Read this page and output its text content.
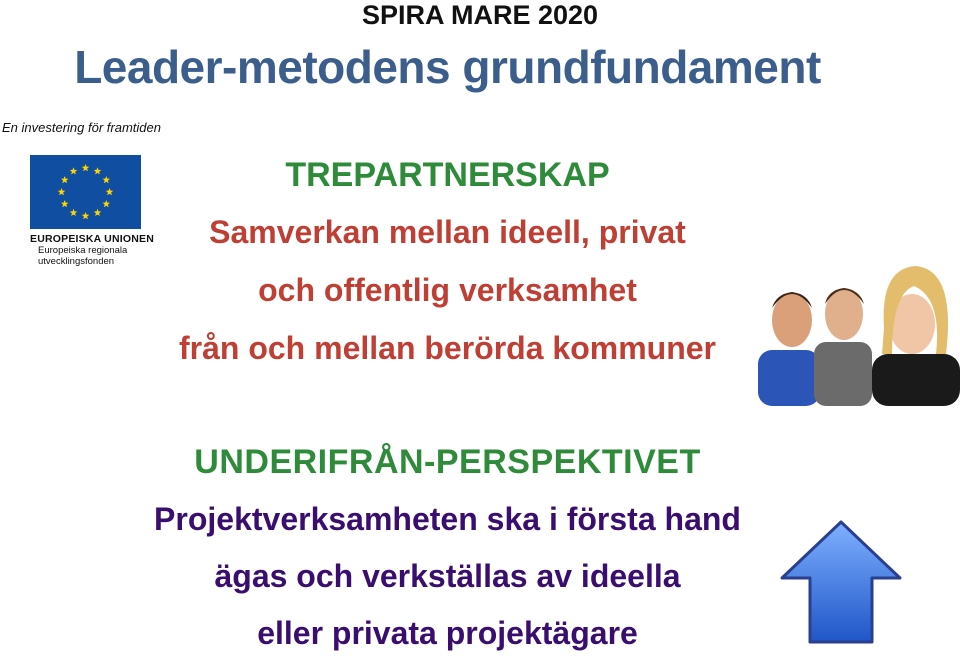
SPIRA MARE 2020
Leader-metodens grundfundament
En investering för framtiden
EUROPEISKA UNIONEN
Europeiska regionala
utvecklingsfonden
TREPARTNERSKAP
Samverkan mellan ideell, privat
och offentlig verksamhet
från och mellan berörda kommuner
UNDERIFRÅN-PERSPEKTIVET
Projektverksamheten ska i första hand
ägas och verkställas av ideella
eller privata projektägare
